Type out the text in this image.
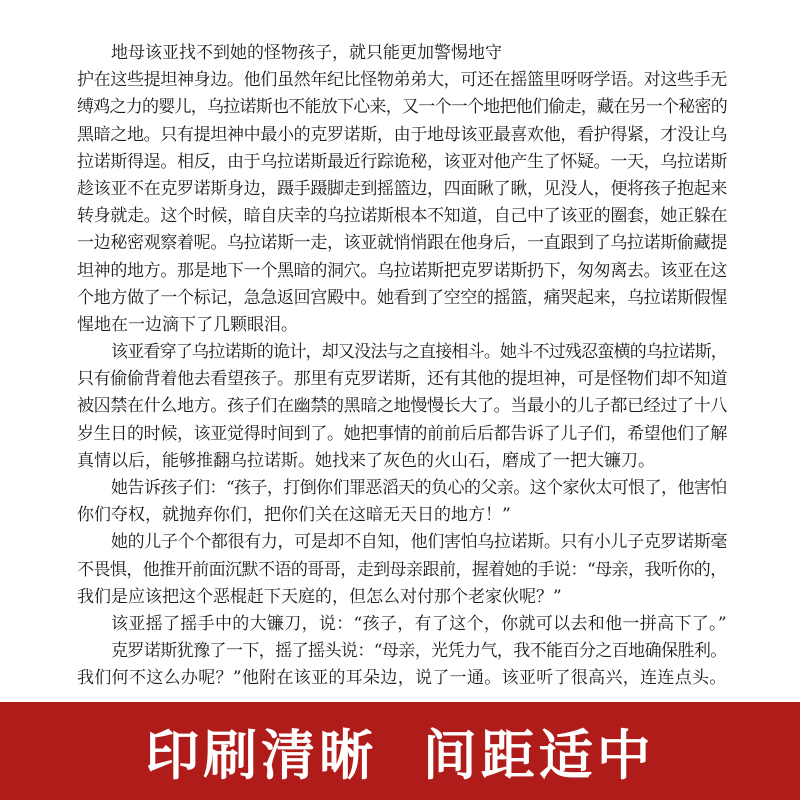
地母该亚找不到她的怪物孩子，就只能更加警惕地守
护在这些提坦神身边。他们虽然年纪比怪物弟弟大，可还在摇篮里呀呀学语。对这些手无
缚鸡之力的婴儿，乌拉诺斯也不能放下心来，又一个一个地把他们偷走，藏在另一个秘密的
黑暗之地。只有提坦神中最小的克罗诺斯，由于地母该亚最喜欢他，看护得紧，才没让乌
拉诺斯得逞。相反，由于乌拉诺斯最近行踪诡秘，该亚对他产生了怀疑。一天，乌拉诺斯
趁该亚不在克罗诺斯身边，蹑手蹑脚走到摇篮边，四面瞅了瞅，见没人，便将孩子抱起来
转身就走。这个时候，暗自庆幸的乌拉诺斯根本不知道，自己中了该亚的圈套，她正躲在
一边秘密观察着呢。乌拉诺斯一走，该亚就悄悄跟在他身后，一直跟到了乌拉诺斯偷藏提
坦神的地方。那是地下一个黑暗的洞穴。乌拉诺斯把克罗诺斯扔下，匆匆离去。该亚在这
个地方做了一个标记，急急返回宫殿中。她看到了空空的摇篮，痛哭起来，乌拉诺斯假惺
惺地在一边滴下了几颗眼泪。
该亚看穿了乌拉诺斯的诡计，却又没法与之直接相斗。她斗不过残忍蛮横的乌拉诺斯，
只有偷偷背着他去看望孩子。那里有克罗诺斯，还有其他的提坦神，可是怪物们却不知道
被囚禁在什么地方。孩子们在幽禁的黑暗之地慢慢长大了。当最小的儿子都已经过了十八
岁生日的时候，该亚觉得时间到了。她把事情的前前后后都告诉了儿子们，希望他们了解
真情以后，能够推翻乌拉诺斯。她找来了灰色的火山石，磨成了一把大镰刀。
她告诉孩子们：“孩子，打倒你们罪恶滔天的负心的父亲。这个家伙太可恨了，他害怕
你们夺权，就抛弃你们，把你们关在这暗无天日的地方！”
她的儿子个个都很有力，可是却不自知，他们害怕乌拉诺斯。只有小儿子克罗诺斯毫
不畏惧，他推开前面沉默不语的哥哥，走到母亲跟前，握着她的手说：“母亲，我听你的，
我们是应该把这个恶棍赶下天庭的，但怎么对付那个老家伙呢？”
该亚摇了摇手中的大镰刀，说：“孩子，有了这个，你就可以去和他一拼高下了。”
克罗诺斯犹豫了一下，摇了摇头说：“母亲，光凭力气，我不能百分之百地确保胜利。
我们何不这么办呢？”他附在该亚的耳朵边，说了一通。该亚听了很高兴，连连点头。
印刷清晰  间距适中
